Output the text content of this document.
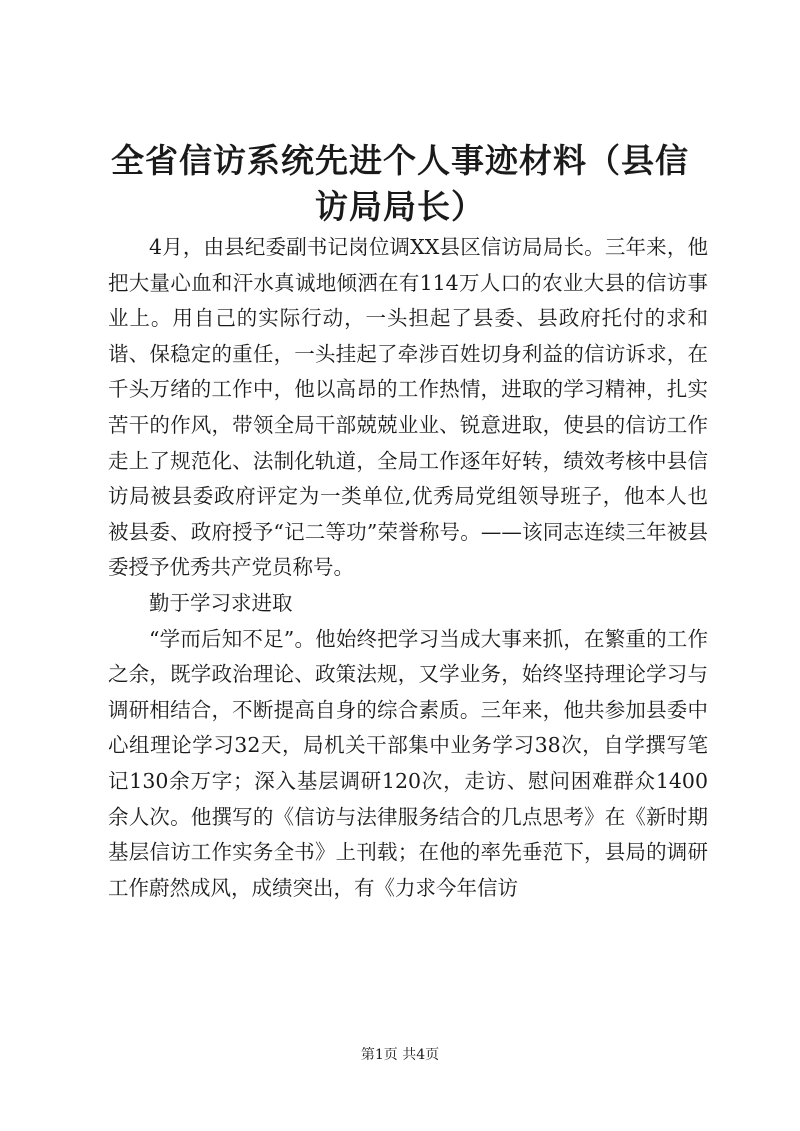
全省信访系统先进个人事迹材料（县信访局局长）

4月，由县纪委副书记岗位调XX县区信访局局长。三年来，他把大量心血和汗水真诚地倾洒在有114万人口的农业大县的信访事业上。用自己的实际行动，一头担起了县委、县政府托付的求和谐、保稳定的重任，一头挂起了牵涉百姓切身利益的信访诉求，在千头万绪的工作中，他以高昂的工作热情，进取的学习精神，扎实苦干的作风，带领全局干部兢兢业业、锐意进取，使县的信访工作走上了规范化、法制化轨道，全局工作逐年好转，绩效考核中县信访局被县委政府评定为一类单位,优秀局党组领导班子，他本人也被县委、政府授予“记二等功”荣誉称号。——该同志连续三年被县委授予优秀共产党员称号。

勤于学习求进取

“学而后知不足”。他始终把学习当成大事来抓，在繁重的工作之余，既学政治理论、政策法规，又学业务，始终坚持理论学习与调研相结合，不断提高自身的综合素质。三年来，他共参加县委中心组理论学习32天，局机关干部集中业务学习38次，自学撰写笔记130余万字；深入基层调研120次，走访、慰问困难群众1400余人次。他撰写的《信访与法律服务结合的几点思考》在《新时期基层信访工作实务全书》上刊载；在他的率先垂范下，县局的调研工作蔚然成风，成绩突出，有《力求今年信访

第1页 共4页
